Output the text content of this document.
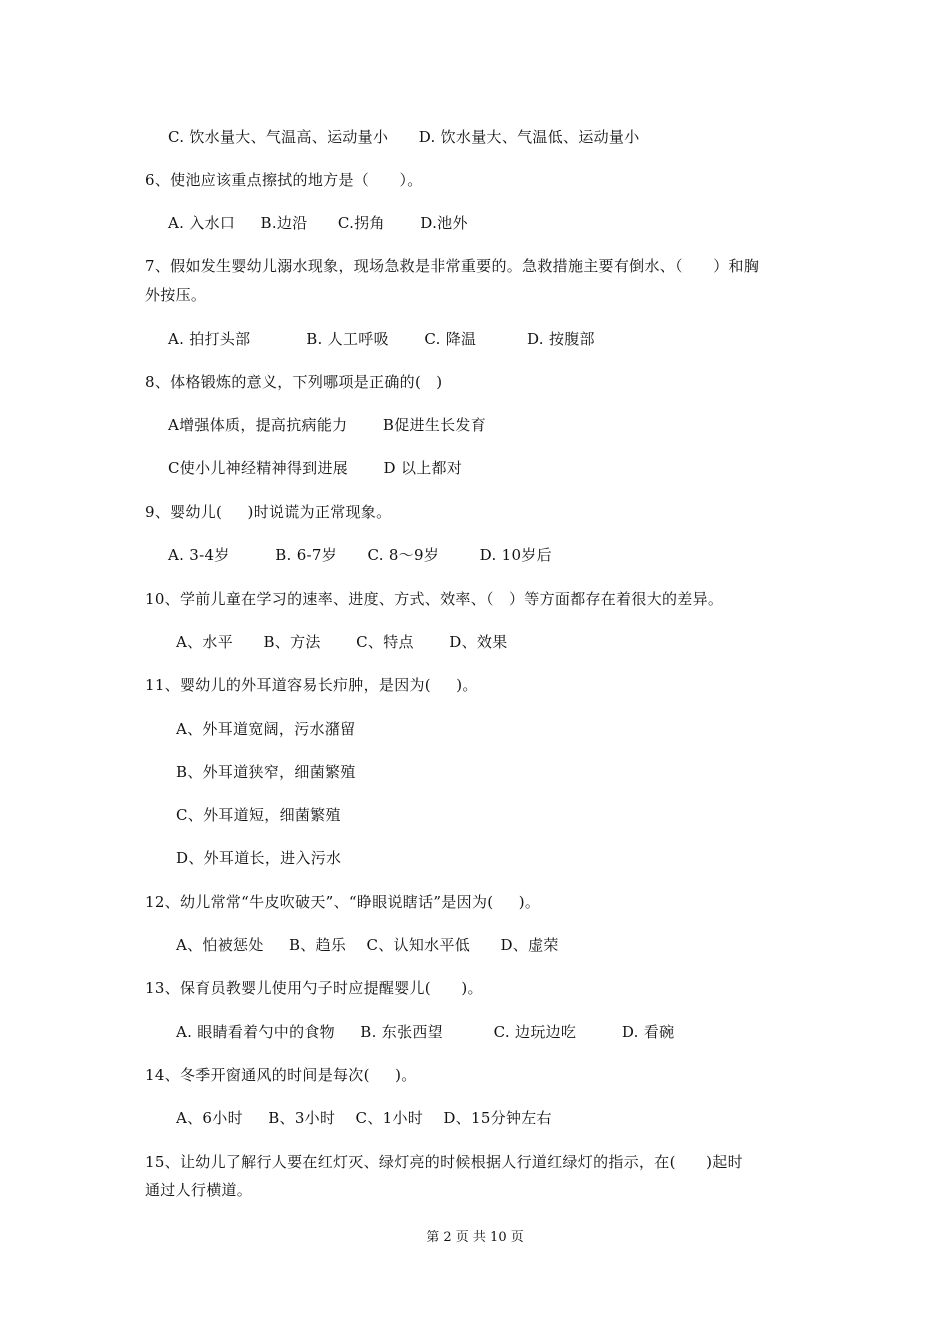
C. 饮水量大、气温高、运动量小      D. 饮水量大、气温低、运动量小
6、使池应该重点擦拭的地方是（      ）。
A. 入水口     B.边沿      C.拐角       D.池外
7、假如发生婴幼儿溺水现象，现场急救是非常重要的。急救措施主要有倒水、（      ）和胸
外按压。
A. 拍打头部           B. 人工呼吸       C. 降温          D. 按腹部
8、体格锻炼的意义，下列哪项是正确的(   )
A增强体质，提高抗病能力       B促进生长发育
C使小儿神经精神得到进展       D 以上都对
9、婴幼儿(     )时说谎为正常现象。
A. 3-4岁         B. 6-7岁      C. 8～9岁        D. 10岁后
10、学前儿童在学习的速率、进度、方式、效率、（   ）等方面都存在着很大的差异。
A、水平      B、方法       C、特点       D、效果
11、婴幼儿的外耳道容易长疖肿，是因为(     )。
A、外耳道宽阔，污水潴留
B、外耳道狭窄，细菌繁殖
C、外耳道短，细菌繁殖
D、外耳道长，进入污水
12、幼儿常常“牛皮吹破天”、“睁眼说瞎话”是因为(     )。
A、怕被惩处     B、趋乐    C、认知水平低      D、虚荣
13、保育员教婴儿使用勺子时应提醒婴儿(      )。
A. 眼睛看着勺中的食物     B. 东张西望          C. 边玩边吃         D. 看碗
14、冬季开窗通风的时间是每次(     )。
A、6小时     B、3小时    C、1小时    D、15分钟左右
15、让幼儿了解行人要在红灯灭、绿灯亮的时候根据人行道红绿灯的指示，在(      )起时
通过人行横道。
第 2 页 共 10 页
